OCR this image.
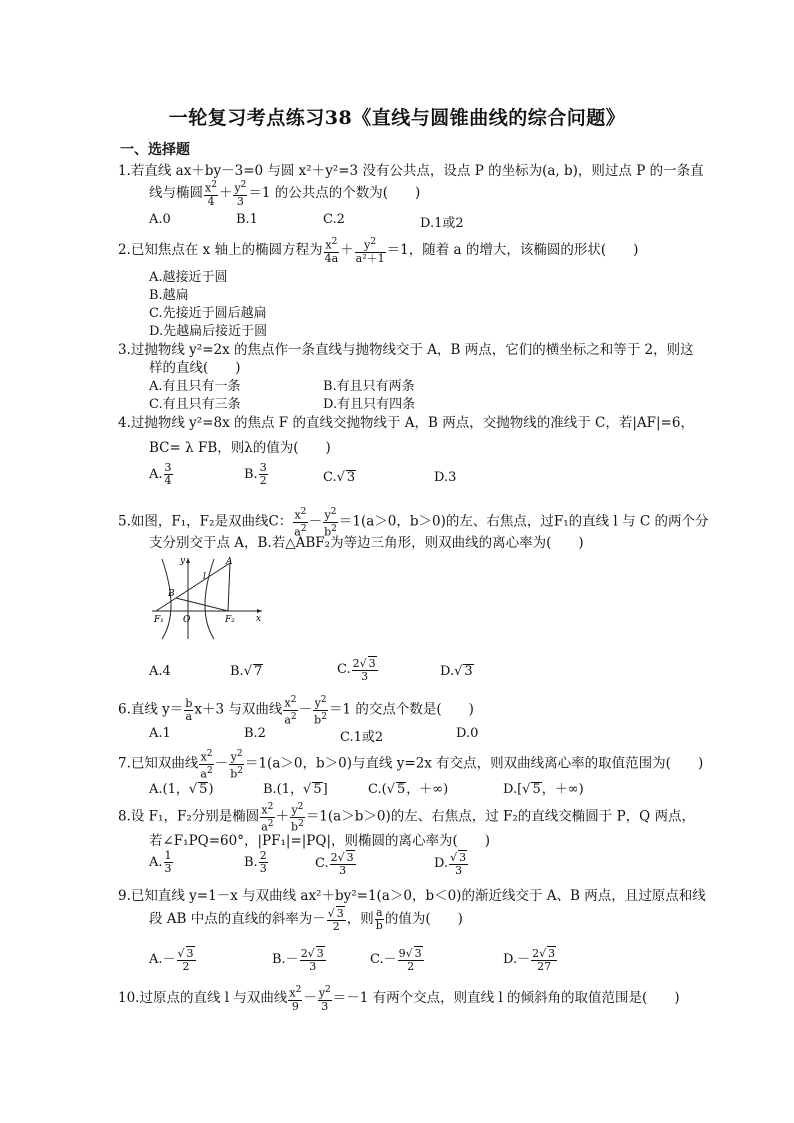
一轮复习考点练习38《直线与圆锥曲线的综合问题》
一、选择题
1.若直线 ax＋by－3=0 与圆 x²＋y²=3 没有公共点，设点 P 的坐标为(a, b)，则过点 P 的一条直
线与椭圆 $\frac{x^2}{4} + \frac{y^2}{3} =1$ 的公共点的个数为(　　)
A.0	B.1	C.2	D.1或2
2.已知焦点在 x 轴上的椭圆方程为 $\frac{x^2}{4a} + \frac{y^2}{\text{a²＋1}} =1$，随着 a 的增大，该椭圆的形状(　　)
A.越接近于圆
B.越扁
C.先接近于圆后越扁
D.先越扁后接近于圆
3.过抛物线 y²=2x 的焦点作一条直线与抛物线交于 A，B 两点，它们的横坐标之和等于 2，则这
样的直线(　　)
A.有且只有一条	B.有且只有两条
C.有且只有三条	D.有且只有四条
4.过抛物线 y²=8x 的焦点 F 的直线交抛物线于 A，B 两点，交抛物线的准线于 C，若|AF|=6，
BC= λ FB，则λ的值为(　　)
A. $\frac{3}{4}$	B. $\frac{3}{2}$	C.√ 3	D.3
5.如图，F₁，F₂是双曲线C： $\frac{x^2}{a^2} - \frac{y^2}{b^2} =1(a>0$，b＞0)的左、右焦点，过F₁的直线 l 与 C 的两个分
支分别交于点 A，B.若△ABF₂为等边三角形，则双曲线的离心率为(　　)
y	A
l
B
F₁ O	F₂ x
A.4	B.√ 7	C. $\frac{2√ 3}{3}$	D.√ 3
6.直线 $y= \frac{b}{a} x+3$ 与双曲线 $\frac{x^2}{a^2} - \frac{y^2}{b^2} =1$ 的交点个数是(　　)
A.1	B.2	C.1或2	D.0
7.已知双曲线 $\frac{x^2}{a^2} - \frac{y^2}{b^2} =1(a>0$，b＞0)与直线 y=2x 有交点，则双曲线离心率的取值范围为(　　)
A.(1，√ 5)	B.(1，√ 5]	C.(√ 5，＋∞)	D.[√ 5，＋∞)
8.设 F₁，F₂分别是椭圆 $\frac{x^2}{a^2} + \frac{y^2}{b^2} =1(a>b>0)$的左、右焦点，过 F₂的直线交椭圆于 P，Q 两点，
若∠F₁PQ=60°，|PF₁|=|PQ|，则椭圆的离心率为(　　)
A. $\frac{1}{3}$	B. $\frac{2}{3}$	C. $\frac{2√ 3}{3}$	D. $\frac{√ 3}{3}$
9.已知直线 y=1－x 与双曲线 ax²＋by²=1(a＞0，b＜0)的渐近线交于 A、B 两点，且过原点和线
段 AB 中点的直线的斜率为－ $\frac{√ 3}{2}$ ，则 $\frac{a}{b}$ 的值为(　　)
$A.- \frac{√ 3}{2}$	$B.- \frac{2√ 3}{3}$	$C.- \frac{9√ 3}{2}$	$D.- \frac{2√ 3}{27}$
10.过原点的直线 l 与双曲线 $\frac{x^2}{9} - \frac{y^2}{3} =-1$ 有两个交点，则直线 l 的倾斜角的取值范围是(　　)
